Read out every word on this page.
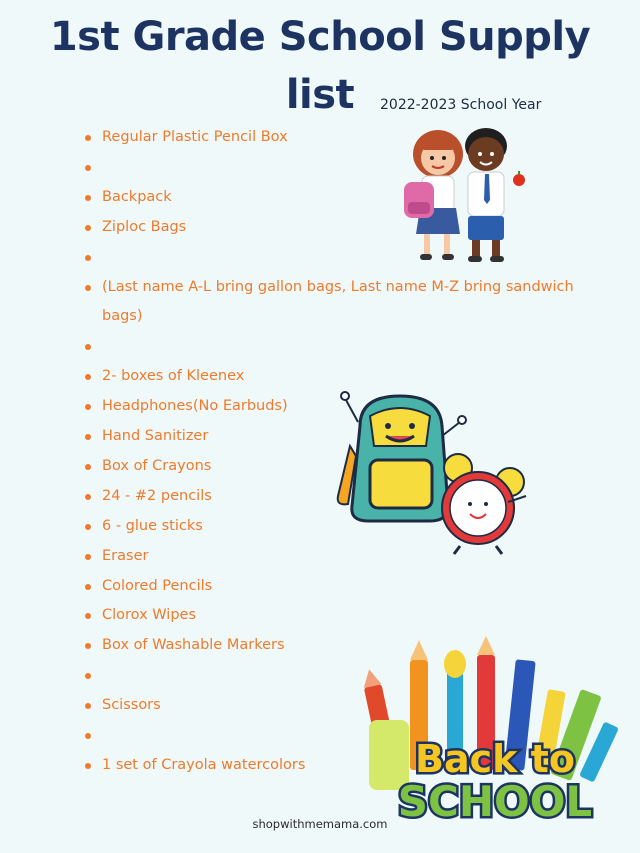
1st Grade School Supply
list	2022-2023 School Year
Regular Plastic Pencil Box
Backpack
Ziploc Bags
(Last name A-L bring gallon bags, Last name M-Z bring sandwich bags)
2- boxes of Kleenex
Headphones(No Earbuds)
Hand Sanitizer
Box of Crayons
24 - #2 pencils
6 - glue sticks
Eraser
Colored Pencils
Clorox Wipes
Box of Washable Markers
Scissors
1 set of Crayola watercolors	Back to
SCHOOL
shopwithmemama.com
